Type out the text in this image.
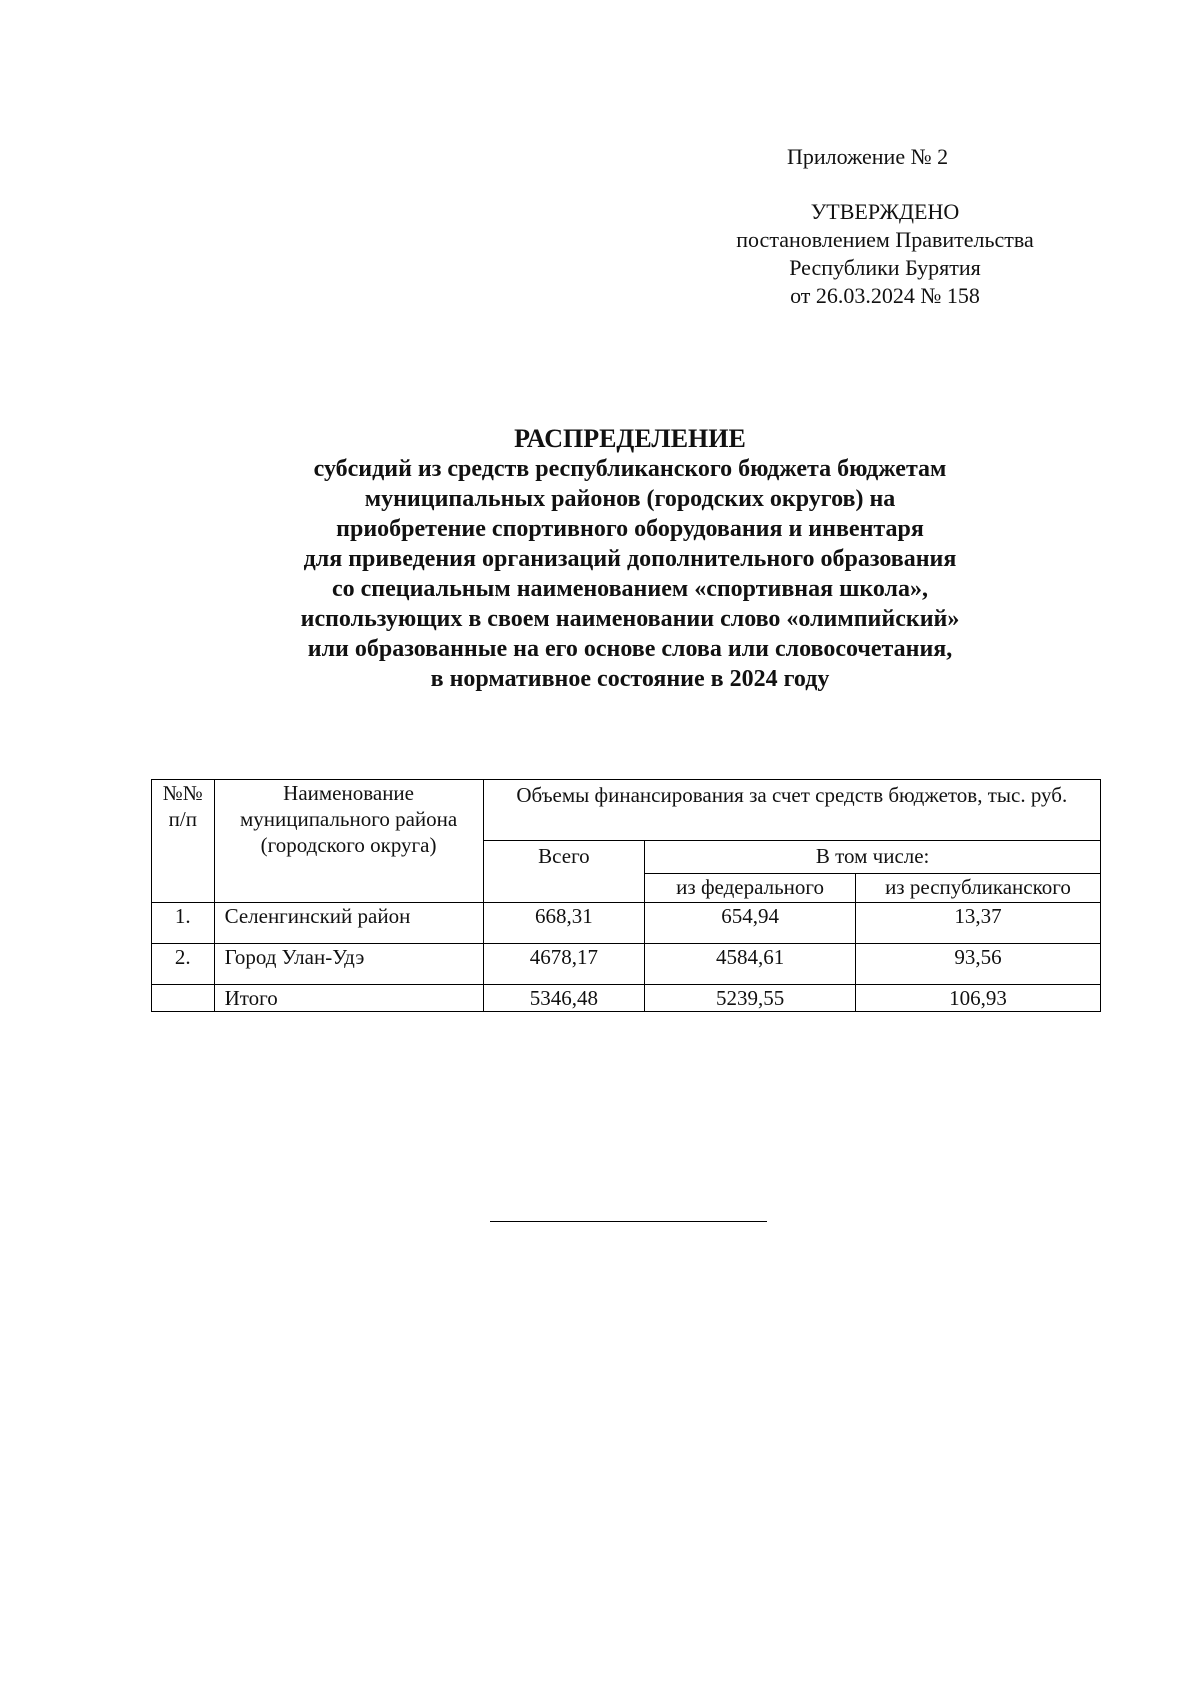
Приложение № 2
УТВЕРЖДЕНО
постановлением Правительства
Республики Бурятия
от 26.03.2024 № 158
РАСПРЕДЕЛЕНИЕ
субсидий из средств республиканского бюджета бюджетам
муниципальных районов (городских округов) на
приобретение спортивного оборудования и инвентаря
для приведения организаций дополнительного образования
со специальным наименованием «спортивная школа»,
использующих в своем наименовании слово «олимпийский»
или образованные на его основе слова или словосочетания,
в нормативное состояние в 2024 году
№№ п/п	Наименование муниципального района (городского округа)	Объемы финансирования за счет средств бюджетов, тыс. руб.		
		Всего	В том числе:	
			из федерального	из республиканского
1.	Селенгинский район	668,31	654,94	13,37
2.	Город Улан-Удэ	4678,17	4584,61	93,56
	Итого	5346,48	5239,55	106,93
